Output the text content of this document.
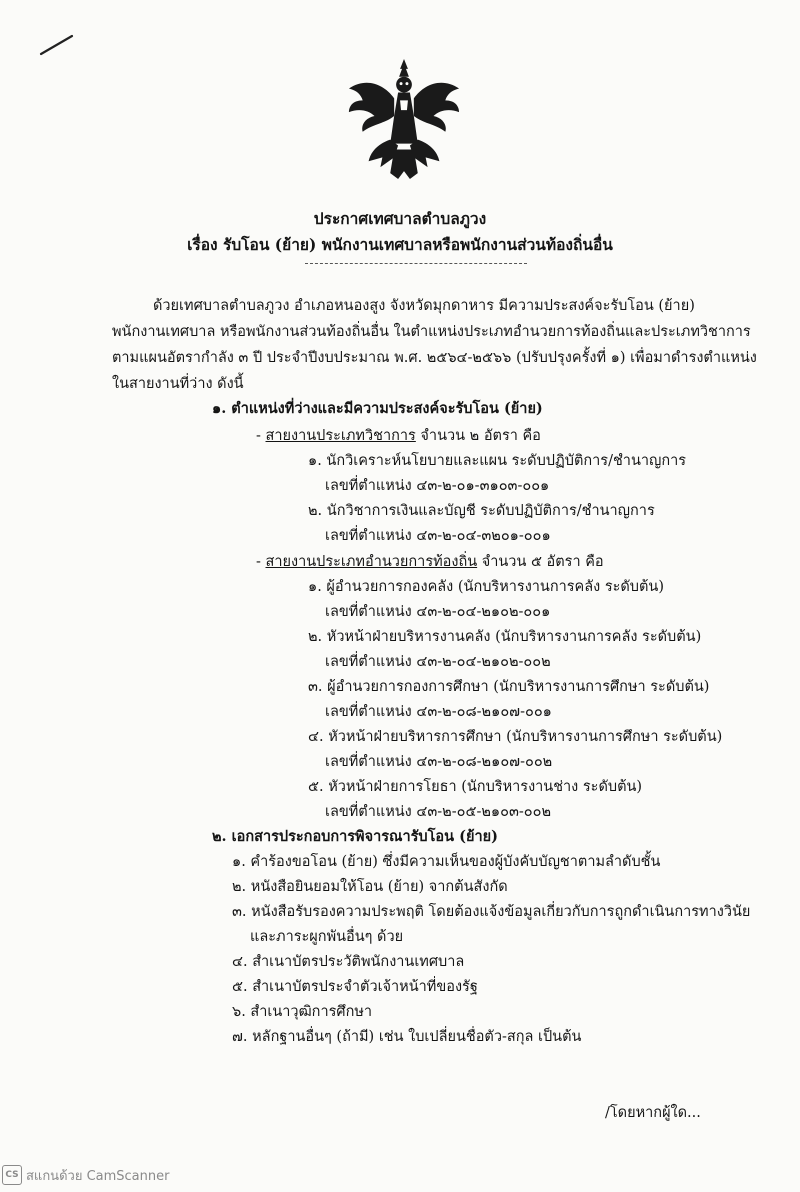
ประกาศเทศบาลตำบลภูวง
เรื่อง รับโอน (ย้าย) พนักงานเทศบาลหรือพนักงานส่วนท้องถิ่นอื่น
ด้วยเทศบาลตำบลภูวง อำเภอหนองสูง จังหวัดมุกดาหาร มีความประสงค์จะรับโอน (ย้าย)
พนักงานเทศบาล หรือพนักงานส่วนท้องถิ่นอื่น ในตำแหน่งประเภทอำนวยการท้องถิ่นและประเภทวิชาการ
ตามแผนอัตรากำลัง ๓ ปี ประจำปีงบประมาณ พ.ศ. ๒๕๖๔-๒๕๖๖ (ปรับปรุงครั้งที่ ๑) เพื่อมาดำรงตำแหน่ง
ในสายงานที่ว่าง ดังนี้
๑. ตำแหน่งที่ว่างและมีความประสงค์จะรับโอน (ย้าย)
- สายงานประเภทวิชาการ จำนวน ๒ อัตรา คือ
๑. นักวิเคราะห์นโยบายและแผน ระดับปฏิบัติการ/ชำนาญการ
เลขที่ตำแหน่ง ๔๓-๒-๐๑-๓๑๐๓-๐๐๑
๒. นักวิชาการเงินและบัญชี ระดับปฏิบัติการ/ชำนาญการ
เลขที่ตำแหน่ง ๔๓-๒-๐๔-๓๒๐๑-๐๐๑
- สายงานประเภทอำนวยการท้องถิ่น จำนวน ๕ อัตรา คือ
๑. ผู้อำนวยการกองคลัง (นักบริหารงานการคลัง ระดับต้น)
เลขที่ตำแหน่ง ๔๓-๒-๐๔-๒๑๐๒-๐๐๑
๒. หัวหน้าฝ่ายบริหารงานคลัง (นักบริหารงานการคลัง ระดับต้น)
เลขที่ตำแหน่ง ๔๓-๒-๐๔-๒๑๐๒-๐๐๒
๓. ผู้อำนวยการกองการศึกษา (นักบริหารงานการศึกษา ระดับต้น)
เลขที่ตำแหน่ง ๔๓-๒-๐๘-๒๑๐๗-๐๐๑
๔. หัวหน้าฝ่ายบริหารการศึกษา (นักบริหารงานการศึกษา ระดับต้น)
เลขที่ตำแหน่ง ๔๓-๒-๐๘-๒๑๐๗-๐๐๒
๕. หัวหน้าฝ่ายการโยธา (นักบริหารงานช่าง ระดับต้น)
เลขที่ตำแหน่ง ๔๓-๒-๐๕-๒๑๐๓-๐๐๒
๒. เอกสารประกอบการพิจารณารับโอน (ย้าย)
๑. คำร้องขอโอน (ย้าย) ซึ่งมีความเห็นของผู้บังคับบัญชาตามลำดับชั้น
๒. หนังสือยินยอมให้โอน (ย้าย) จากต้นสังกัด
๓. หนังสือรับรองความประพฤติ โดยต้องแจ้งข้อมูลเกี่ยวกับการถูกดำเนินการทางวินัย
และภาระผูกพันอื่นๆ ด้วย
๔. สำเนาบัตรประวัติพนักงานเทศบาล
๕. สำเนาบัตรประจำตัวเจ้าหน้าที่ของรัฐ
๖. สำเนาวุฒิการศึกษา
๗. หลักฐานอื่นๆ (ถ้ามี) เช่น ใบเปลี่ยนชื่อตัว-สกุล เป็นต้น
/โดยหากผู้ใด...
CS สแกนด้วย CamScanner
